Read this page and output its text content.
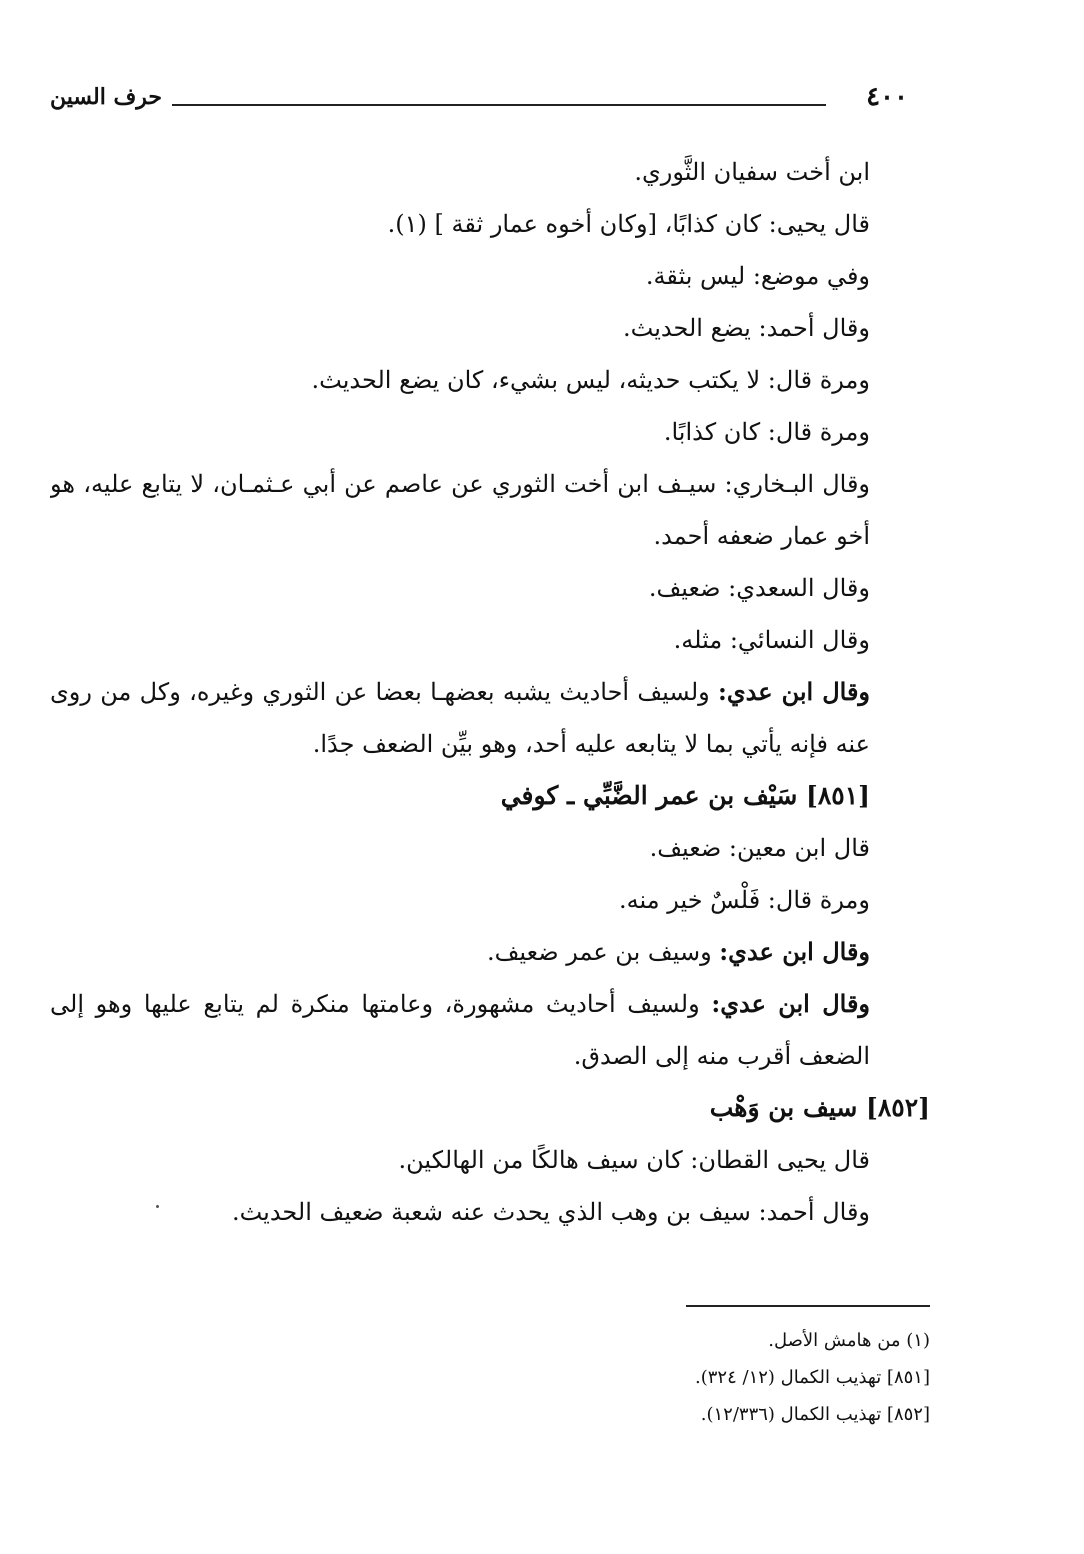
٤٠٠
حرف السين
ابن أخت سفيان الثَّوري.
قال يحيى: كان كذابًا، [وكان أخوه عمار ثقة ] (١).
وفي موضع: ليس بثقة.
وقال أحمد: يضع الحديث.
ومرة قال: لا يكتب حديثه، ليس بشيء، كان يضع الحديث.
ومرة قال: كان كذابًا.
وقال البـخاري: سيـف ابن أخت الثوري عن عاصم عن أبي عـثمـان، لا يتابع عليه، هو أخو عمار ضعفه أحمد.
وقال السعدي: ضعيف.
وقال النسائي: مثله.
وقال ابن عدي: ولسيف أحاديث يشبه بعضهـا بعضا عن الثوري وغيره، وكل من روى عنه فإنه يأتي بما لا يتابعه عليه أحد، وهو بيِّن الضعف جدًا.
[٨٥١] سَيْف بن عمر الضَّبِّي ـ كوفي
قال ابن معين: ضعيف.
ومرة قال: فَلْسٌ خير منه.
وقال ابن عدي: وسيف بن عمر ضعيف.
وقال ابن عدي: ولسيف أحاديث مشهورة، وعامتها منكرة لم يتابع عليها وهو إلى الضعف أقرب منه إلى الصدق.
[٨٥٢] سيف بن وَهْب
قال يحيى القطان: كان سيف هالكًا من الهالكين.
وقال أحمد: سيف بن وهب الذي يحدث عنه شعبة ضعيف الحديث.
(١) من هامش الأصل.
[٨٥١] تهذيب الكمال (١٢/ ٣٢٤).
[٨٥٢] تهذيب الكمال (١٢/٣٣٦).
